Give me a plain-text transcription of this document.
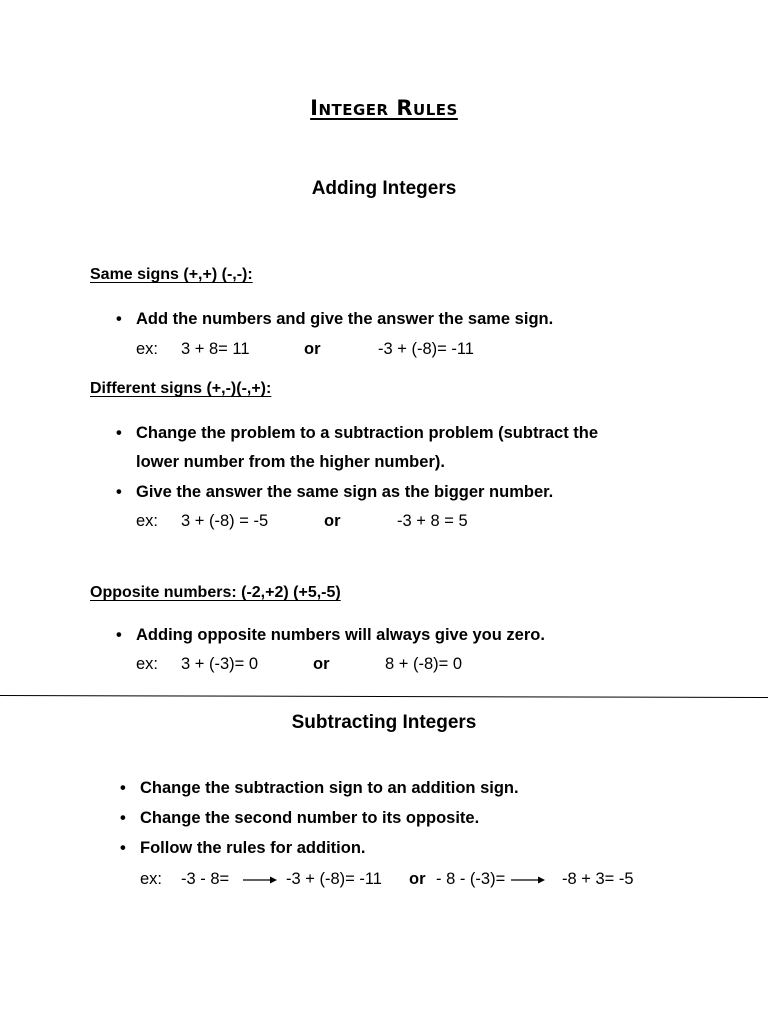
Integer Rules
Adding Integers
Same signs (+,+) (-,-):
• Add the numbers and give the answer the same sign.
ex: 3 + 8= 11	or	-3 + (-8)= -11
Different signs (+,-)(-,+):
• Change the problem to a subtraction problem (subtract the
lower number from the higher number).
• Give the answer the same sign as the bigger number.
ex: 3 + (-8) = -5	or	-3 + 8 = 5
Opposite numbers: (-2,+2) (+5,-5)
• Adding opposite numbers will always give you zero.
ex: 3 + (-3)= 0	or	8 + (-8)= 0
Subtracting Integers
• Change the subtraction sign to an addition sign.
• Change the second number to its opposite.
• Follow the rules for addition.
ex: -3 - 8=	-3 + (-8)= -11 or - 8 - (-3)=	-8 + 3= -5
